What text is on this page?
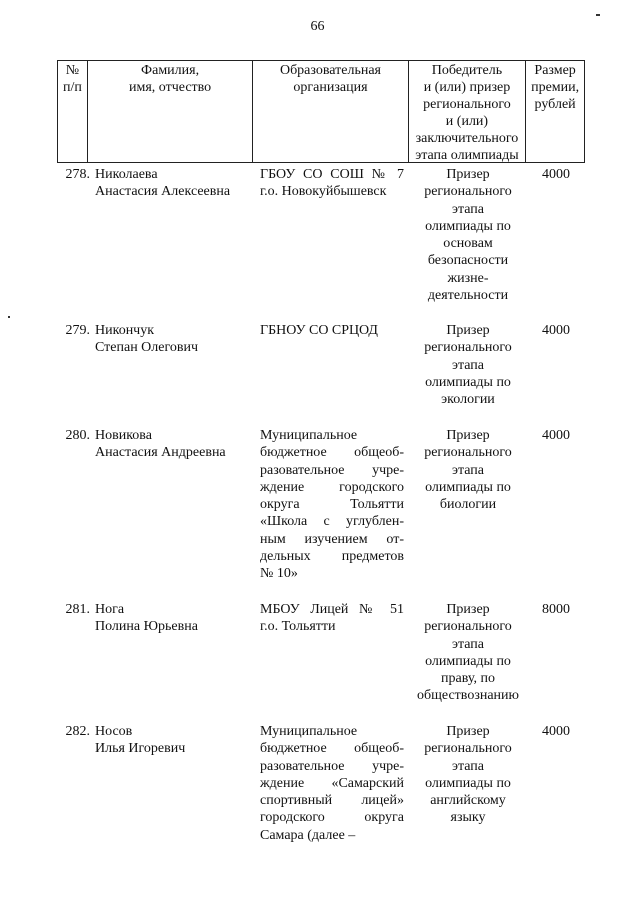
66
№
п/п
Фамилия,
имя, отчество
Образовательная
организация
Победитель
и (или) призер
регионального
и (или)
заключительного
этапа олимпиады
Размер
премии,
рублей
278. Николаева
Анастасия Алексеевна
ГБОУ СО СОШ № 7
г.о. Новокуйбышевск
Призер
регионального
этапа
олимпиады по
основам
безопасности
жизне-
деятельности
4000
279. Никончук
Степан Олегович
ГБНОУ СО СРЦОД	Призер
регионального
этапа
олимпиады по
экологии
4000
280. Новикова
Анастасия Андреевна
Муниципальное
бюджетное общеоб-
разовательное учре-
ждение городского
округа Тольятти
«Школа с углублен-
ным изучением от-
дельных предметов
№ 10»
Призер
регионального
этапа
олимпиады по
биологии
4000
281. Нога
Полина Юрьевна
МБОУ Лицей № 51
г.о. Тольятти
Призер
регионального
этапа
олимпиады по
праву, по
обществознанию
8000
282. Носов
Илья Игоревич
Муниципальное
бюджетное общеоб-
разовательное учре-
ждение «Самарский
спортивный лицей»
городского округа
Самара (далее –
Призер
регионального
этапа
олимпиады по
английскому
языку
4000
